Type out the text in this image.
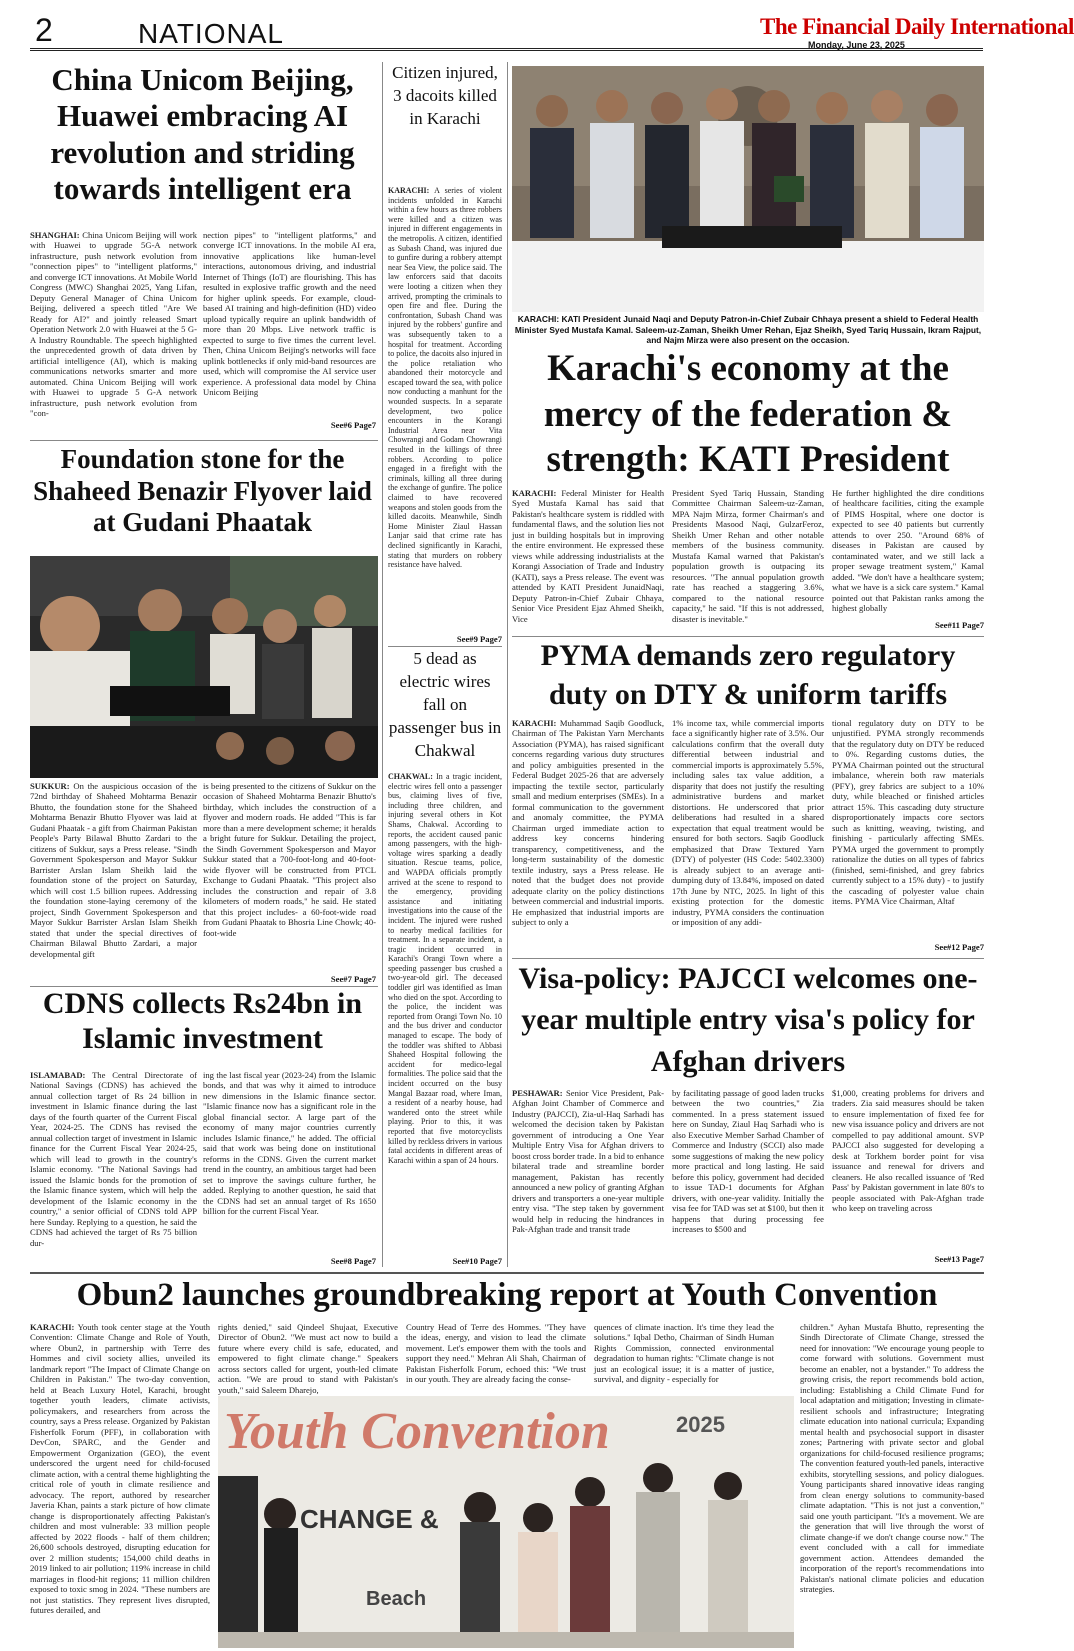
2	NATIONAL	The Financial Daily International
Monday, June 23, 2025
China Unicom Beijing, Huawei embracing AI revolution and striding towards intelligent era

SHANGHAI: China Unicom Beijing will work with Huawei to upgrade 5G-A network infrastructure, push network evolution from "connection pipes" to "intelligent platforms," and converge ICT innovations. At Mobile World Congress (MWC) Shanghai 2025, Yang Lifan, Deputy General Manager of China Unicom Beijing, delivered a speech titled "Are We Ready for AI?" and jointly released Smart Operation Network 2.0 with Huawei at the 5 G-A Industry Roundtable. The speech highlighted the unprecedented growth of data driven by artificial intelligence (AI), which is making communications networks smarter and more automated. China Unicom Beijing will work with Huawei to upgrade 5 G-A network infrastructure, push network evolution from "con-

nection pipes" to "intelligent platforms," and converge ICT innovations. In the mobile AI era, innovative applications like human-level interactions, autonomous driving, and industrial Internet of Things (IoT) are flourishing. This has resulted in explosive traffic growth and the need for higher uplink speeds. For example, cloud-based AI training and high-definition (HD) video upload typically require an uplink bandwidth of more than 20 Mbps. Live network traffic is expected to surge to five times the current level. Then, China Unicom Beijing's networks will face uplink bottlenecks if only mid-band resources are used, which will compromise the AI service user experience. A professional data model by China Unicom Beijing

See#6 Page7
Foundation stone for the Shaheed Benazir Flyover laid at Gudani Phaatak

SUKKUR: On the auspicious occasion of the 72nd birthday of Shaheed Mohtarma Benazir Bhutto, the foundation stone for the Shaheed Mohtarma Benazir Bhutto Flyover was laid at Gudani Phaatak - a gift from Chairman Pakistan People's Party Bilawal Bhutto Zardari to the citizens of Sukkur, says a Press release. "Sindh Government Spokesperson and Mayor Sukkur Barrister Arslan Islam Sheikh laid the foundation stone of the project on Saturday, which will cost 1.5 billion rupees. Addressing the foundation stone-laying ceremony of the project, Sindh Government Spokesperson and Mayor Sukkur Barrister Arslan Islam Sheikh stated that under the special directives of Chairman Bilawal Bhutto Zardari, a major developmental gift

is being presented to the citizens of Sukkur on the occasion of Shaheed Mohtarma Benazir Bhutto's birthday, which includes the construction of a flyover and modern roads. He added "This is far more than a mere development scheme; it heralds a bright future for Sukkur. Detailing the project, the Sindh Government Spokesperson and Mayor Sukkur stated that a 700-foot-long and 40-foot-wide flyover will be constructed from PTCL Exchange to Gudani Phaatak. "This project also includes the construction and repair of 3.8 kilometers of modern roads," he said. He stated that this project includes- a 60-foot-wide road from Gudani Phaatak to Bhosria Line Chowk; 40-foot-wide

See#7 Page7
CDNS collects Rs24bn in Islamic investment

ISLAMABAD: The Central Directorate of National Savings (CDNS) has achieved the annual collection target of Rs 24 billion in investment in Islamic finance during the last days of the fourth quarter of the Current Fiscal Year, 2024-25. The CDNS has revised the annual collection target of investment in Islamic finance for the Current Fiscal Year 2024-25, which will lead to growth in the country's Islamic economy. "The National Savings had issued the Islamic bonds for the promotion of the Islamic finance system, which will help the development of the Islamic economy in the country," a senior official of CDNS told APP here Sunday. Replying to a question, he said the CDNS had achieved the target of Rs 75 billion dur-

ing the last fiscal year (2023-24) from the Islamic bonds, and that was why it aimed to introduce new dimensions in the Islamic finance sector. "Islamic finance now has a significant role in the global financial sector. A large part of the economy of many major countries currently includes Islamic finance," he added. The official said that work was being done on institutional reforms in the CDNS. Given the current market trend in the country, an ambitious target had been set to improve the savings culture further, he added. Replying to another question, he said that the CDNS had set an annual target of Rs 1650 billion for the current Fiscal Year.

See#8 Page7
Citizen injured, 3 dacoits killed in Karachi

KARACHI: A series of violent incidents unfolded in Karachi within a few hours as three robbers were killed and a citizen was injured in different engagements in the metropolis. A citizen, identified as Subash Chand, was injured due to gunfire during a robbery attempt near Sea View, the police said. The law enforcers said that dacoits were looting a citizen when they arrived, prompting the criminals to open fire and flee. During the confrontation, Subash Chand was injured by the robbers' gunfire and was subsequently taken to a hospital for treatment. According to police, the dacoits also injured in the police retaliation who abandoned their motorcycle and escaped toward the sea, with police now conducting a manhunt for the wounded suspects. In a separate development, two police encounters in the Korangi Industrial Area near Vita Chowrangi and Godam Chowrangi resulted in the killings of three robbers. According to police engaged in a firefight with the criminals, killing all three during the exchange of gunfire. The police claimed to have recovered weapons and stolen goods from the killed dacoits. Meanwhile, Sindh Home Minister Ziaul Hassan Lanjar said that crime rate has declined significantly in Karachi, stating that murders on robbery resistance have halved.

See#9 Page7
5 dead as electric wires fall on passenger bus in Chakwal

CHAKWAL: In a tragic incident, electric wires fell onto a passenger bus, claiming lives of five, including three children, and injuring several others in Kot Shams, Chakwal. According to reports, the accident caused panic among passengers, with the high-voltage wires sparking a deadly situation. Rescue teams, police, and WAPDA officials promptly arrived at the scene to respond to the emergency, providing assistance and initiating investigations into the cause of the incident. The injured were rushed to nearby medical facilities for treatment. In a separate incident, a tragic incident occurred in Karachi's Orangi Town where a speeding passenger bus crushed a two-year-old girl. The deceased toddler girl was identified as Iman who died on the spot. According to the police, the incident was reported from Orangi Town No. 10 and the bus driver and conductor managed to escape. The body of the toddler was shifted to Abbasi Shaheed Hospital following the accident for medico-legal formalities. The police said that the incident occurred on the busy Mangal Bazaar road, where Iman, a resident of a nearby house, had wandered onto the street while playing. Prior to this, it was reported that five motorcyclists killed by reckless drivers in various fatal accidents in different areas of Karachi within a span of 24 hours.

See#10 Page7
KARACHI: KATI President Junaid Naqi and Deputy Patron-in-Chief Zubair Chhaya present a shield to Federal Health Minister Syed Mustafa Kamal. Saleem-uz-Zaman, Sheikh Umer Rehan, Ejaz Sheikh, Syed Tariq Hussain, Ikram Rajput, and Najm Mirza were also present on the occasion.
Karachi's economy at the mercy of the federation & strength: KATI President

KARACHI: Federal Minister for Health Syed Mustafa Kamal has said that Pakistan's healthcare system is riddled with fundamental flaws, and the solution lies not just in building hospitals but in improving the entire environment. He expressed these views while addressing industrialists at the Korangi Association of Trade and Industry (KATI), says a Press release. The event was attended by KATI President JunaidNaqi, Deputy Patron-in-Chief Zubair Chhaya, Senior Vice President Ejaz Ahmed Sheikh, Vice

President Syed Tariq Hussain, Standing Committee Chairman Saleem-uz-Zaman, MPA Najm Mirza, former Chairman's and Presidents Masood Naqi, GulzarFeroz, Sheikh Umer Rehan and other notable members of the business community. Mustafa Kamal warned that Pakistan's population growth is outpacing its resources. "The annual population growth rate has reached a staggering 3.6%, compared to the national resource capacity," he said. "If this is not addressed, disaster is inevitable."

He further highlighted the dire conditions of healthcare facilities, citing the example of PIMS Hospital, where one doctor is expected to see 40 patients but currently attends to over 250. "Around 68% of diseases in Pakistan are caused by contaminated water, and we still lack a proper sewage treatment system," Kamal added. "We don't have a healthcare system; what we have is a sick care system." Kamal pointed out that Pakistan ranks among the highest globally

See#11 Page7
PYMA demands zero regulatory duty on DTY & uniform tariffs

KARACHI: Muhammad Saqib Goodluck, Chairman of The Pakistan Yarn Merchants Association (PYMA), has raised significant concerns regarding various duty structures and policy ambiguities presented in the Federal Budget 2025-26 that are adversely impacting the textile sector, particularly small and medium enterprises (SMEs). In a formal communication to the government and anomaly committee, the PYMA Chairman urged immediate action to address key concerns hindering transparency, competitiveness, and the long-term sustainability of the domestic textile industry, says a Press release. He noted that the budget does not provide adequate clarity on the policy distinctions between commercial and industrial imports. He emphasized that industrial imports are subject to only a

1% income tax, while commercial imports face a significantly higher rate of 3.5%. Our calculations confirm that the overall duty differential between industrial and commercial imports is approximately 5.5%, including sales tax value addition, a disparity that does not justify the resulting administrative burdens and market distortions. He underscored that prior deliberations had resulted in a shared expectation that equal treatment would be ensured for both sectors. Saqib Goodluck emphasized that Draw Textured Yarn (DTY) of polyester (HS Code: 5402.3300) is already subject to an average anti-dumping duty of 13.84%, imposed on dated 17th June by NTC, 2025. In light of this existing protection for the domestic industry, PYMA considers the continuation or imposition of any addi-

tional regulatory duty on DTY to be unjustified. PYMA strongly recommends that the regulatory duty on DTY be reduced to 0%. Regarding customs duties, the PYMA Chairman pointed out the structural imbalance, wherein both raw materials (PFY), grey fabrics are subject to a 10% duty, while bleached or finished articles attract 15%. This cascading duty structure disproportionately impacts core sectors such as knitting, weaving, twisting, and finishing - particularly affecting SMEs. PYMA urged the government to promptly rationalize the duties on all types of fabrics (finished, semi-finished, and grey fabrics currently subject to a 15% duty) - to justify the cascading of polyester value chain items. PYMA Vice Chairman, Altaf

See#12 Page7
Visa-policy: PAJCCI welcomes one-year multiple entry visa's policy for Afghan drivers

PESHAWAR: Senior Vice President, Pak-Afghan Joint Chamber of Commerce and Industry (PAJCCI), Zia-ul-Haq Sarhadi has welcomed the decision taken by Pakistan government of introducing a One Year Multiple Entry Visa for Afghan drivers to boost cross border trade. In a bid to enhance bilateral trade and streamline border management, Pakistan has recently announced a new policy of granting Afghan drivers and transporters a one-year multiple entry visa. "The step taken by government would help in reducing the hindrances in Pak-Afghan trade and transit trade

by facilitating passage of good laden trucks between the two countries," Zia commented. In a press statement issued here on Sunday, Ziaul Haq Sarhadi who is also Executive Member Sarhad Chamber of Commerce and Industry (SCCI) also made some suggestions of making the new policy more practical and long lasting. He said before this policy, government had decided to issue TAD-1 documents for Afghan drivers, with one-year validity. Initially the visa fee for TAD was set at $100, but then it happens that during processing fee increases to $500 and

$1,000, creating problems for drivers and traders. Zia said measures should be taken to ensure implementation of fixed fee for new visa issuance policy and drivers are not compelled to pay additional amount. SVP PAJCCI also suggested for developing a desk at Torkhem border point for visa issuance and renewal for drivers and cleaners. He also recalled issuance of 'Red Pass' by Pakistan government in late 80's to people associated with Pak-Afghan trade who keep on traveling across

See#13 Page7
Obun2 launches groundbreaking report at Youth Convention

KARACHI: Youth took center stage at the Youth Convention: Climate Change and Role of Youth, where Obun2, in partnership with Terre des Hommes and civil society allies, unveiled its landmark report "The Impact of Climate Change on Children in Pakistan." The two-day convention, held at Beach Luxury Hotel, Karachi, brought together youth leaders, climate activists, policymakers, and researchers from across the country, says a Press release. Organized by Pakistan Fisherfolk Forum (PFF), in collaboration with DevCon, SPARC, and the Gender and Empowerment Organization (GEO), the event underscored the urgent need for child-focused climate action, with a central theme highlighting the critical role of youth in climate resilience and advocacy. The report, authored by researcher Javeria Khan, paints a stark picture of how climate change is disproportionately affecting Pakistan's children and most vulnerable: 33 million people affected by 2022 floods - half of them children; 26,600 schools destroyed, disrupting education for over 2 million students; 154,000 child deaths in 2019 linked to air pollution; 119% increase in child marriages in flood-hit regions; 11 million children exposed to toxic smog in 2024. "These numbers are not just statistics. They represent lives disrupted, futures derailed, and

rights denied," said Qindeel Shujaat, Executive Director of Obun2. "We must act now to build a future where every child is safe, educated, and empowered to fight climate change." Speakers across sectors called for urgent, youth-led climate action. "We are proud to stand with Pakistan's youth," said Saleem Dharejo,

Country Head of Terre des Hommes. "They have the ideas, energy, and vision to lead the climate movement. Let's empower them with the tools and support they need." Mehran Ali Shah, Chairman of Pakistan Fisherfolk Forum, echoed this: "We trust in our youth. They are already facing the conse-

quences of climate inaction. It's time they lead the solutions." Iqbal Detho, Chairman of Sindh Human Rights Commission, connected environmental degradation to human rights: "Climate change is not just an ecological issue; it is a matter of justice, survival, and dignity - especially for

children." Ayhan Mustafa Bhutto, representing the Sindh Directorate of Climate Change, stressed the need for innovation: "We encourage young people to come forward with solutions. Government must become an enabler, not a bystander." To address the growing crisis, the report recommends bold action, including: Establishing a Child Climate Fund for local adaptation and mitigation; Investing in climate-resilient schools and infrastructure; Integrating climate education into national curricula; Expanding mental health and psychosocial support in disaster zones; Partnering with private sector and global organizations for child-focused resilience programs; The convention featured youth-led panels, interactive exhibits, storytelling sessions, and policy dialogues. Young participants shared innovative ideas ranging from clean energy solutions to community-based climate adaptation. "This is not just a convention," said one youth participant. "It's a movement. We are the generation that will live through the worst of climate change-if we don't change course now." The event concluded with a call for immediate government action. Attendees demanded the incorporation of the report's recommendations into Pakistan's national climate policies and education strategies.

Youth Convention	2025
CHANGE &
Beach
